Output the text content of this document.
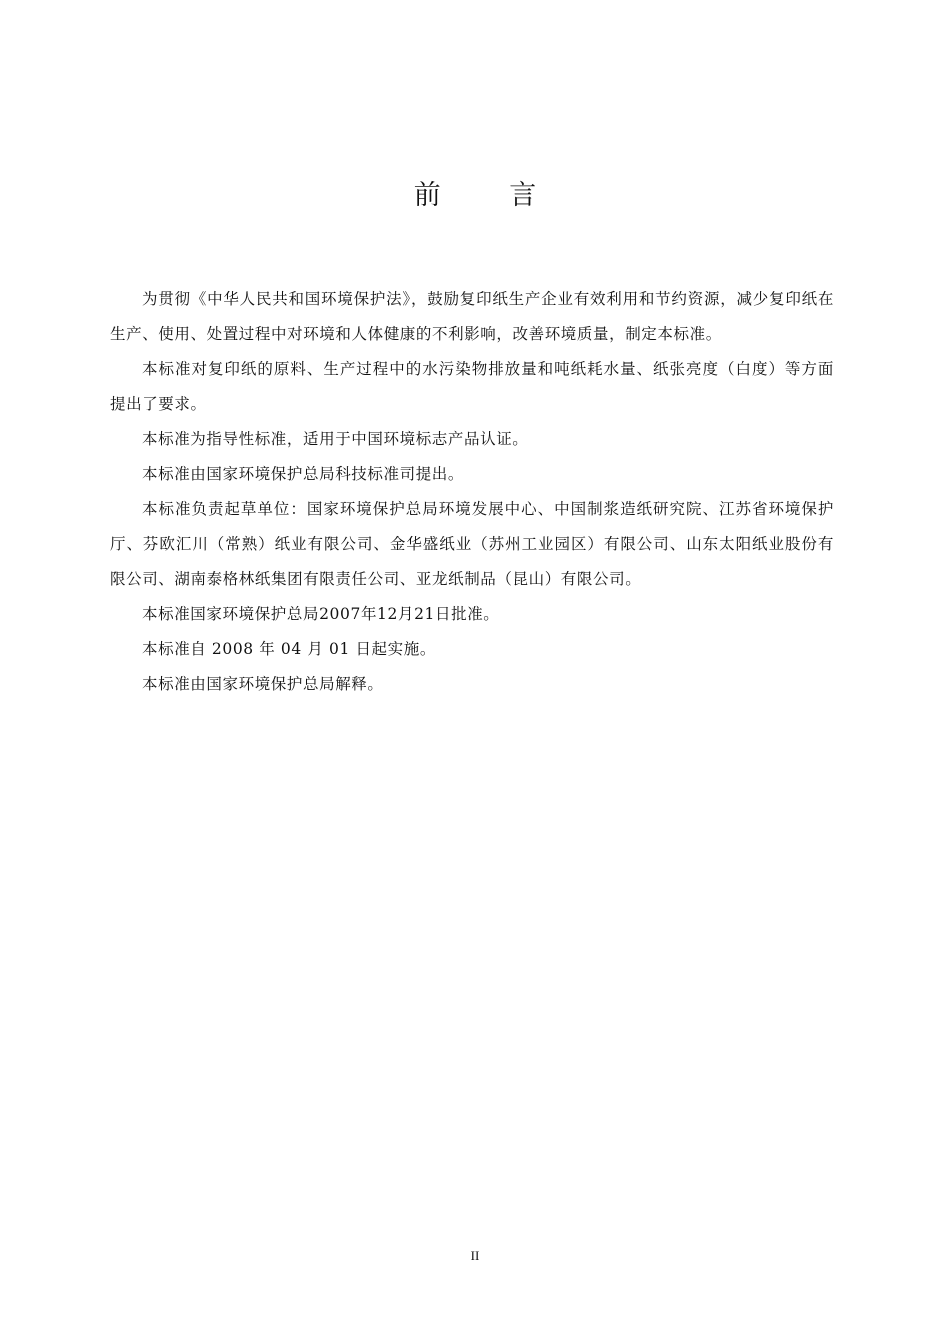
前 言

为贯彻《中华人民共和国环境保护法》，鼓励复印纸生产企业有效利用和节约资源，减少复印纸在生产、使用、处置过程中对环境和人体健康的不利影响，改善环境质量，制定本标准。

本标准对复印纸的原料、生产过程中的水污染物排放量和吨纸耗水量、纸张亮度（白度）等方面提出了要求。

本标准为指导性标准，适用于中国环境标志产品认证。

本标准由国家环境保护总局科技标准司提出。

本标准负责起草单位：国家环境保护总局环境发展中心、中国制浆造纸研究院、江苏省环境保护厅、芬欧汇川（常熟）纸业有限公司、金华盛纸业（苏州工业园区）有限公司、山东太阳纸业股份有限公司、湖南泰格林纸集团有限责任公司、亚龙纸制品（昆山）有限公司。

本标准国家环境保护总局2007年12月21日批准。

本标准自 2008 年 04 月 01 日起实施。

本标准由国家环境保护总局解释。

II
